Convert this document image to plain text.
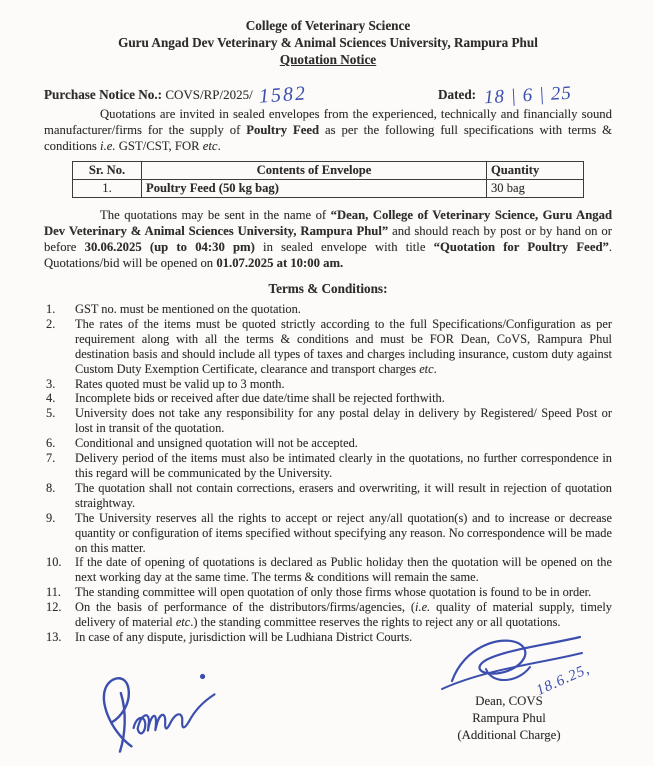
College of Veterinary Science
Guru Angad Dev Veterinary & Animal Sciences University, Rampura Phul
Quotation Notice
Purchase Notice No.: COVS/RP/2025/ 1582	Dated: 18 | 6 | 25

Quotations are invited in sealed envelopes from the experienced, technically and financially sound manufacturer/firms for the supply of Poultry Feed as per the following full specifications with terms & conditions i.e. GST/CST, FOR etc.

Sr. No.	Contents of Envelope	Quantity
1.	Poultry Feed (50 kg bag)	30 bag

The quotations may be sent in the name of “Dean, College of Veterinary Science, Guru Angad Dev Veterinary & Animal Sciences University, Rampura Phul” and should reach by post or by hand on or before 30.06.2025 (up to 04:30 pm) in sealed envelope with title “Quotation for Poultry Feed”. Quotations/bid will be opened on 01.07.2025 at 10:00 am.

Terms & Conditions:
1.	GST no. must be mentioned on the quotation.
2.	The rates of the items must be quoted strictly according to the full Specifications/Configuration as per requirement along with all the terms & conditions and must be FOR Dean, CoVS, Rampura Phul destination basis and should include all types of taxes and charges including insurance, custom duty against Custom Duty Exemption Certificate, clearance and transport charges etc.
3.	Rates quoted must be valid up to 3 month.
4.	Incomplete bids or received after due date/time shall be rejected forthwith.
5.	University does not take any responsibility for any postal delay in delivery by Registered/ Speed Post or lost in transit of the quotation.
6.	Conditional and unsigned quotation will not be accepted.
7.	Delivery period of the items must also be intimated clearly in the quotations, no further correspondence in this regard will be communicated by the University.
8.	The quotation shall not contain corrections, erasers and overwriting, it will result in rejection of quotation straightway.
9.	The University reserves all the rights to accept or reject any/all quotation(s) and to increase or decrease quantity or configuration of items specified without specifying any reason. No correspondence will be made on this matter.
10.	If the date of opening of quotations is declared as Public holiday then the quotation will be opened on the next working day at the same time. The terms & conditions will remain the same.
11.	The standing committee will open quotation of only those firms whose quotation is found to be in order.
12.	On the basis of performance of the distributors/firms/agencies, (i.e. quality of material supply, timely delivery of material etc.) the standing committee reserves the rights to reject any or all quotations.
13.	In case of any dispute, jurisdiction will be Ludhiana District Courts.
18.6.25,
Dean, COVS
Rampura Phul
(Additional Charge)
